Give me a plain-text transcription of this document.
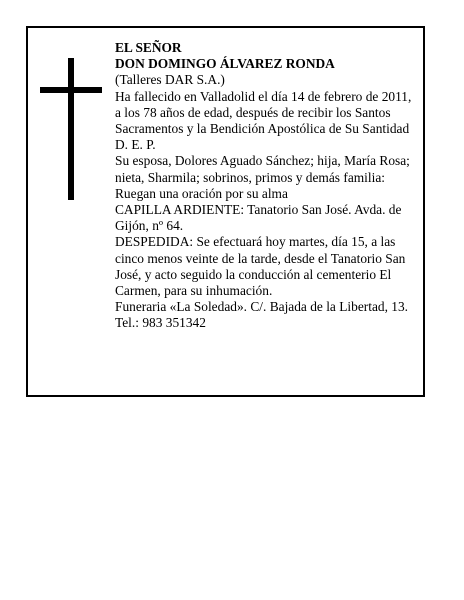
EL SEÑOR

DON DOMINGO ÁLVAREZ RONDA

(Talleres DAR S.A.)

Ha fallecido en Valladolid el día 14 de febrero de 2011, a los 78 años de edad, después de recibir los Santos Sacramentos y la Bendición Apostólica de Su Santidad

D. E. P.

Su esposa, Dolores Aguado Sánchez; hija, María Rosa; nieta, Sharmila; sobrinos, primos y demás familia:

Ruegan una oración por su alma

CAPILLA ARDIENTE: Tanatorio San José. Avda. de Gijón, nº 64.

DESPEDIDA: Se efectuará hoy martes, día 15, a las cinco menos veinte de la tarde, desde el Tanatorio San José, y acto seguido la conducción al cementerio El Carmen, para su inhumación.

Funeraria «La Soledad». C/. Bajada de la Libertad, 13.

Tel.: 983 351342
